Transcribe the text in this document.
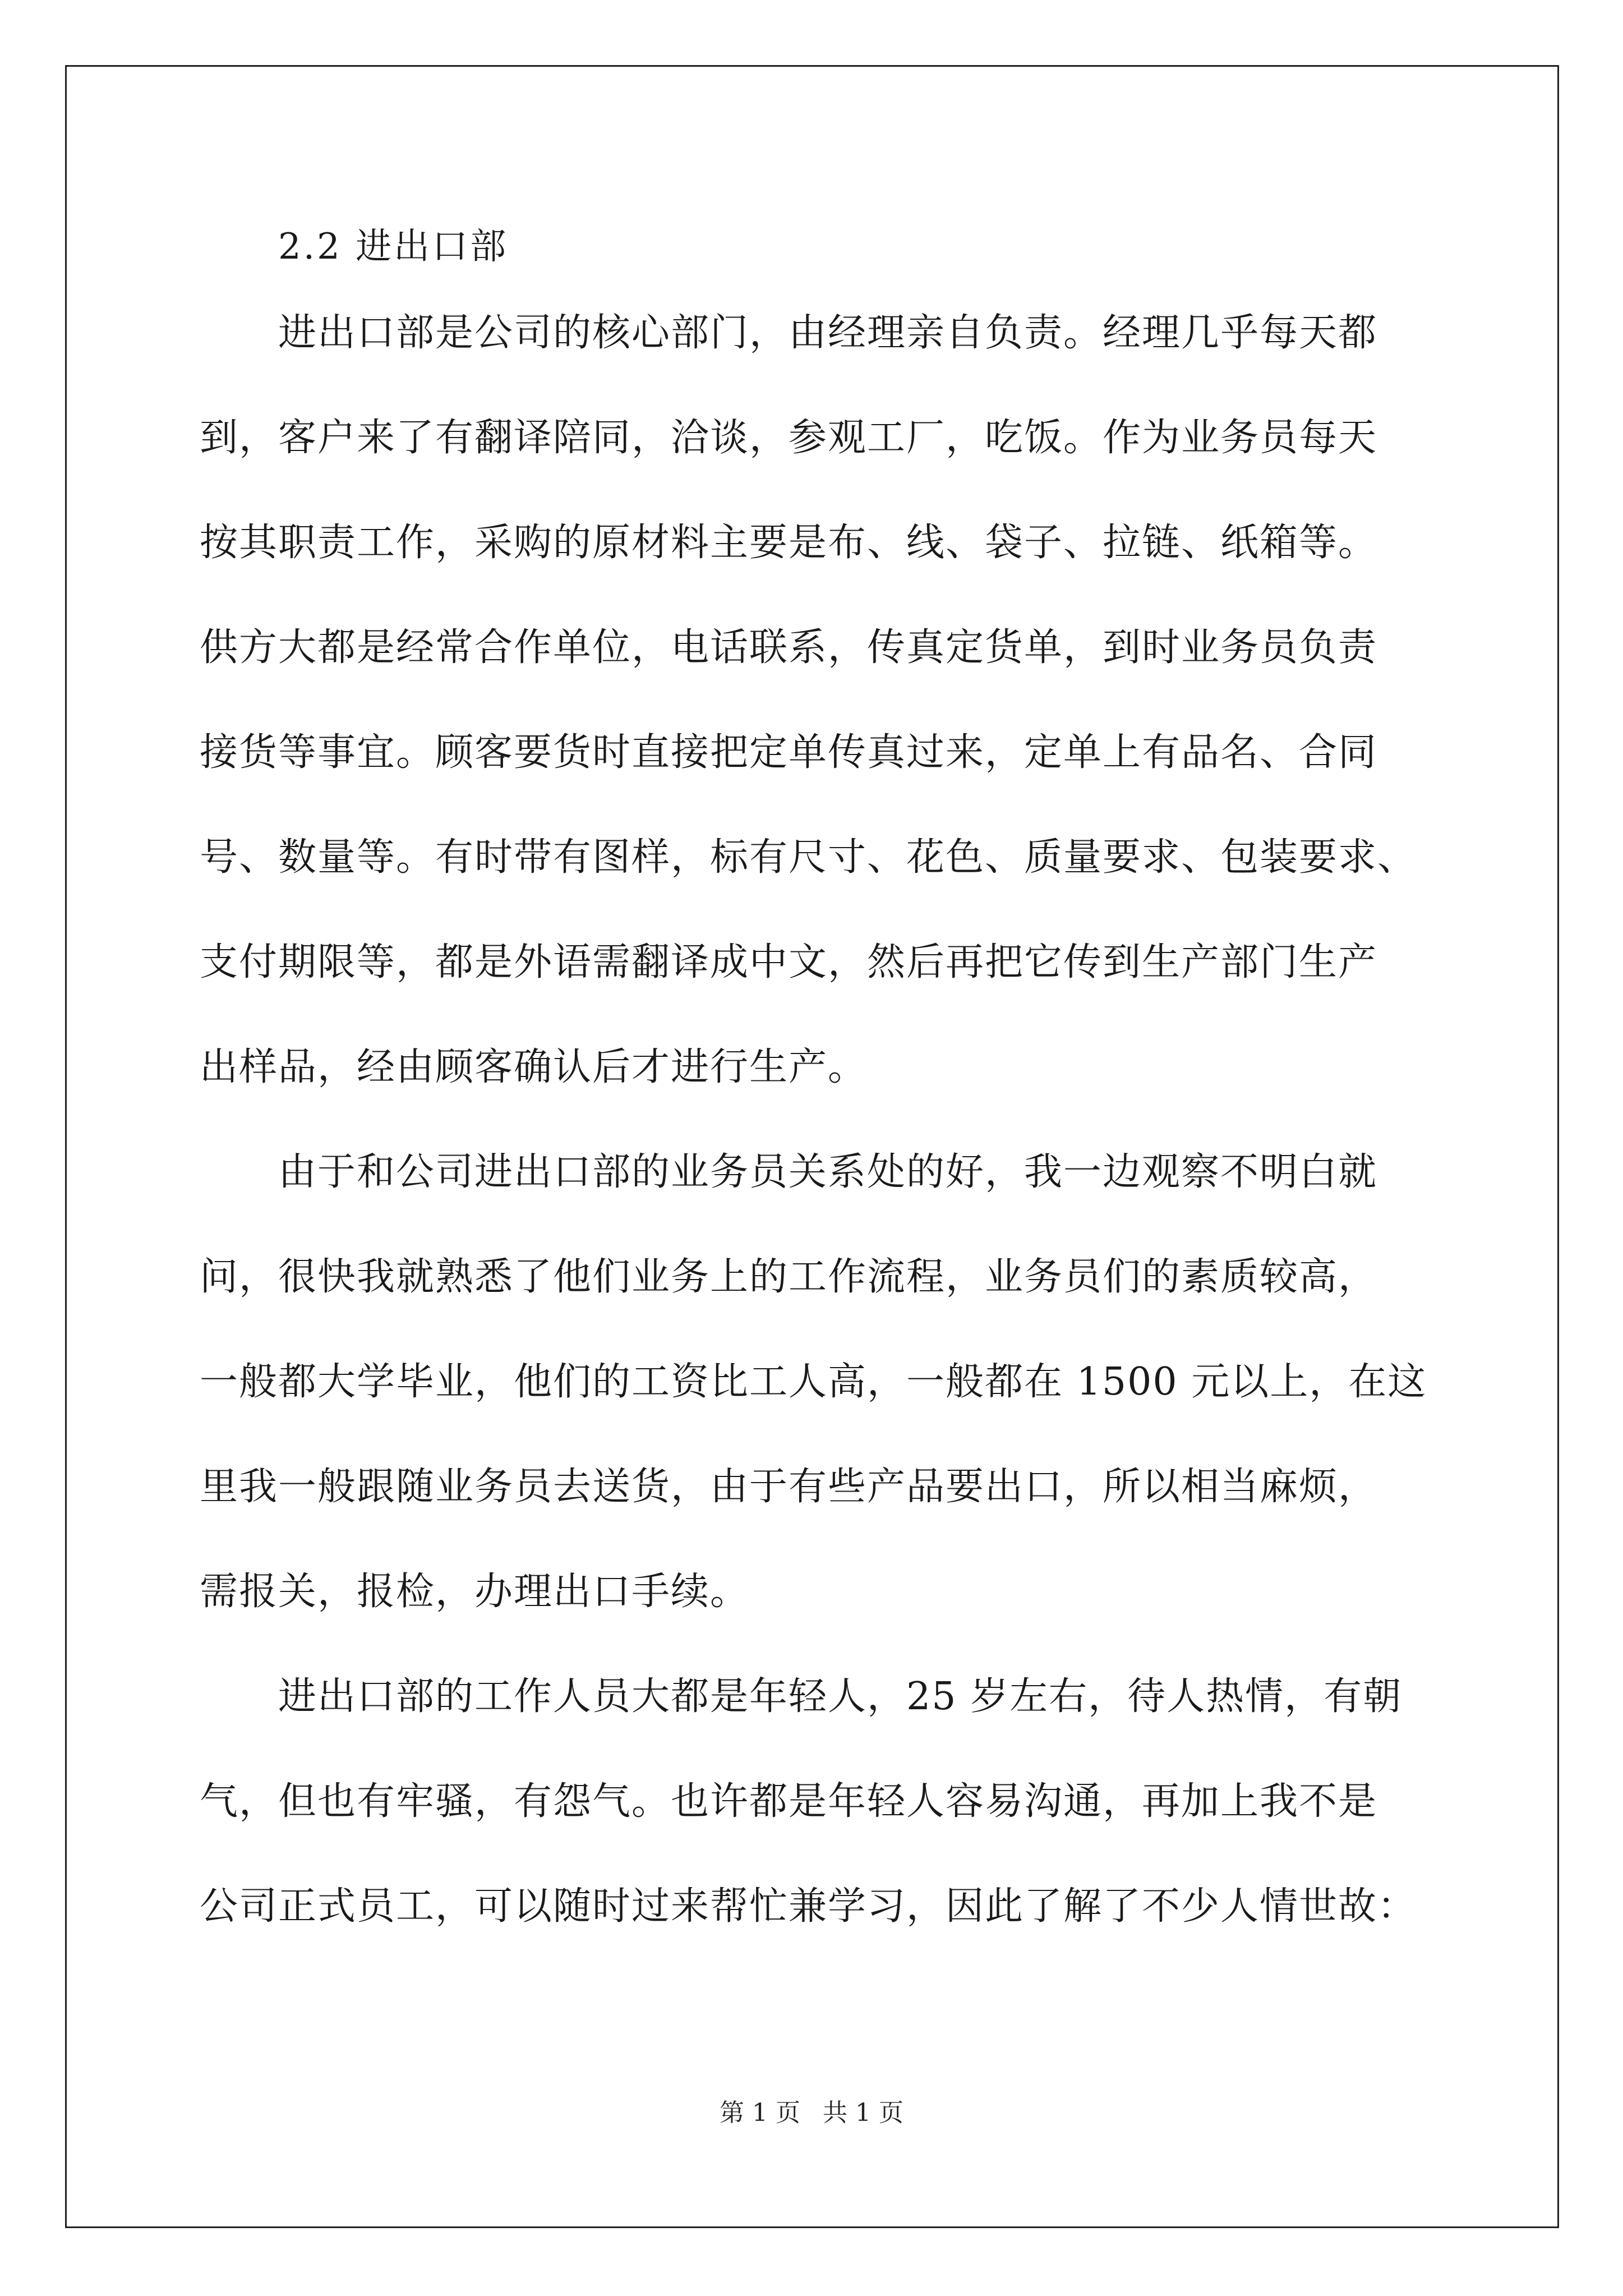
2.2 进出口部

　　进出口部是公司的核心部门，由经理亲自负责。经理几乎每天都

到，客户来了有翻译陪同，洽谈，参观工厂，吃饭。作为业务员每天

按其职责工作，采购的原材料主要是布、线、袋子、拉链、纸箱等。

供方大都是经常合作单位，电话联系，传真定货单，到时业务员负责

接货等事宜。顾客要货时直接把定单传真过来，定单上有品名、合同

号、数量等。有时带有图样，标有尺寸、花色、质量要求、包装要求、

支付期限等，都是外语需翻译成中文，然后再把它传到生产部门生产

出样品，经由顾客确认后才进行生产。

　　由于和公司进出口部的业务员关系处的好，我一边观察不明白就

问，很快我就熟悉了他们业务上的工作流程，业务员们的素质较高，

一般都大学毕业，他们的工资比工人高，一般都在 1500 元以上，在这

里我一般跟随业务员去送货，由于有些产品要出口，所以相当麻烦，

需报关，报检，办理出口手续。

　　进出口部的工作人员大都是年轻人，25 岁左右，待人热情，有朝

气，但也有牢骚，有怨气。也许都是年轻人容易沟通，再加上我不是

公司正式员工，可以随时过来帮忙兼学习，因此了解了不少人情世故：

第 1 页 共 1 页
